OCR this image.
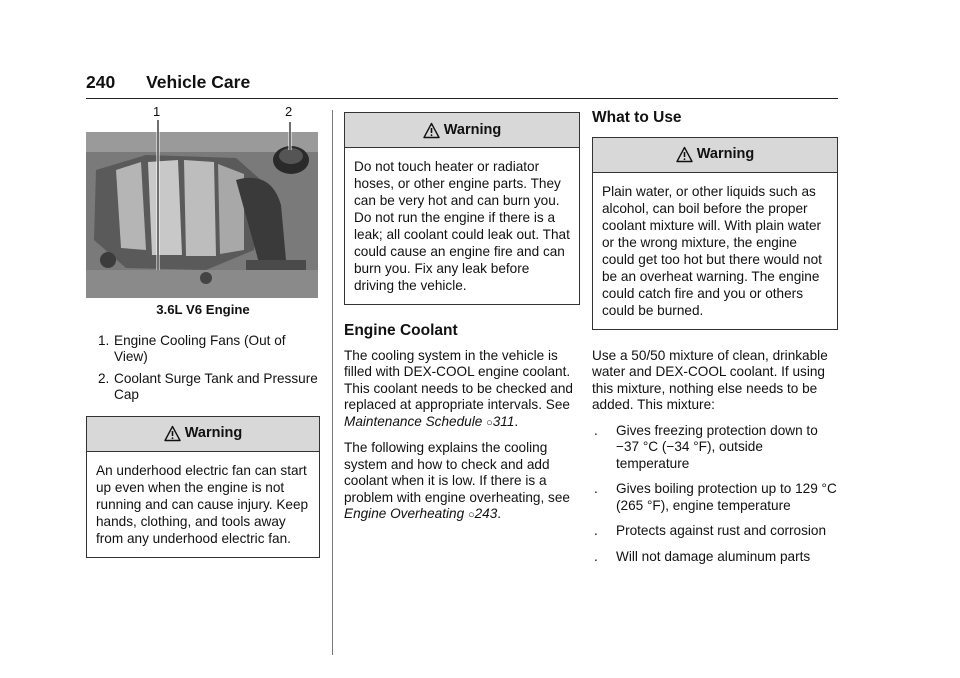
240 Vehicle Care
1	2
3.6L V6 Engine
1. Engine Cooling Fans (Out of View)
2. Coolant Surge Tank and Pressure Cap
Warning
An underhood electric fan can start up even when the engine is not running and can cause injury. Keep hands, clothing, and tools away from any underhood electric fan.
Warning
Do not touch heater or radiator hoses, or other engine parts. They can be very hot and can burn you. Do not run the engine if there is a leak; all coolant could leak out. That could cause an engine fire and can burn you. Fix any leak before driving the vehicle.
Engine Coolant

The cooling system in the vehicle is filled with DEX-COOL engine coolant. This coolant needs to be checked and replaced at appropriate intervals. See Maintenance Schedule ○311.

The following explains the cooling system and how to check and add coolant when it is low. If there is a problem with engine overheating, see Engine Overheating ○243.

What to Use
Warning
Plain water, or other liquids such as alcohol, can boil before the proper coolant mixture will. With plain water or the wrong mixture, the engine could get too hot but there would not be an overheat warning. The engine could catch fire and you or others could be burned.

Use a 50/50 mixture of clean, drinkable water and DEX-COOL coolant. If using this mixture, nothing else needs to be added. This mixture:

. Gives freezing protection down to −37 °C (−34 °F), outside temperature
. Gives boiling protection up to 129 °C (265 °F), engine temperature
. Protects against rust and corrosion
. Will not damage aluminum parts
